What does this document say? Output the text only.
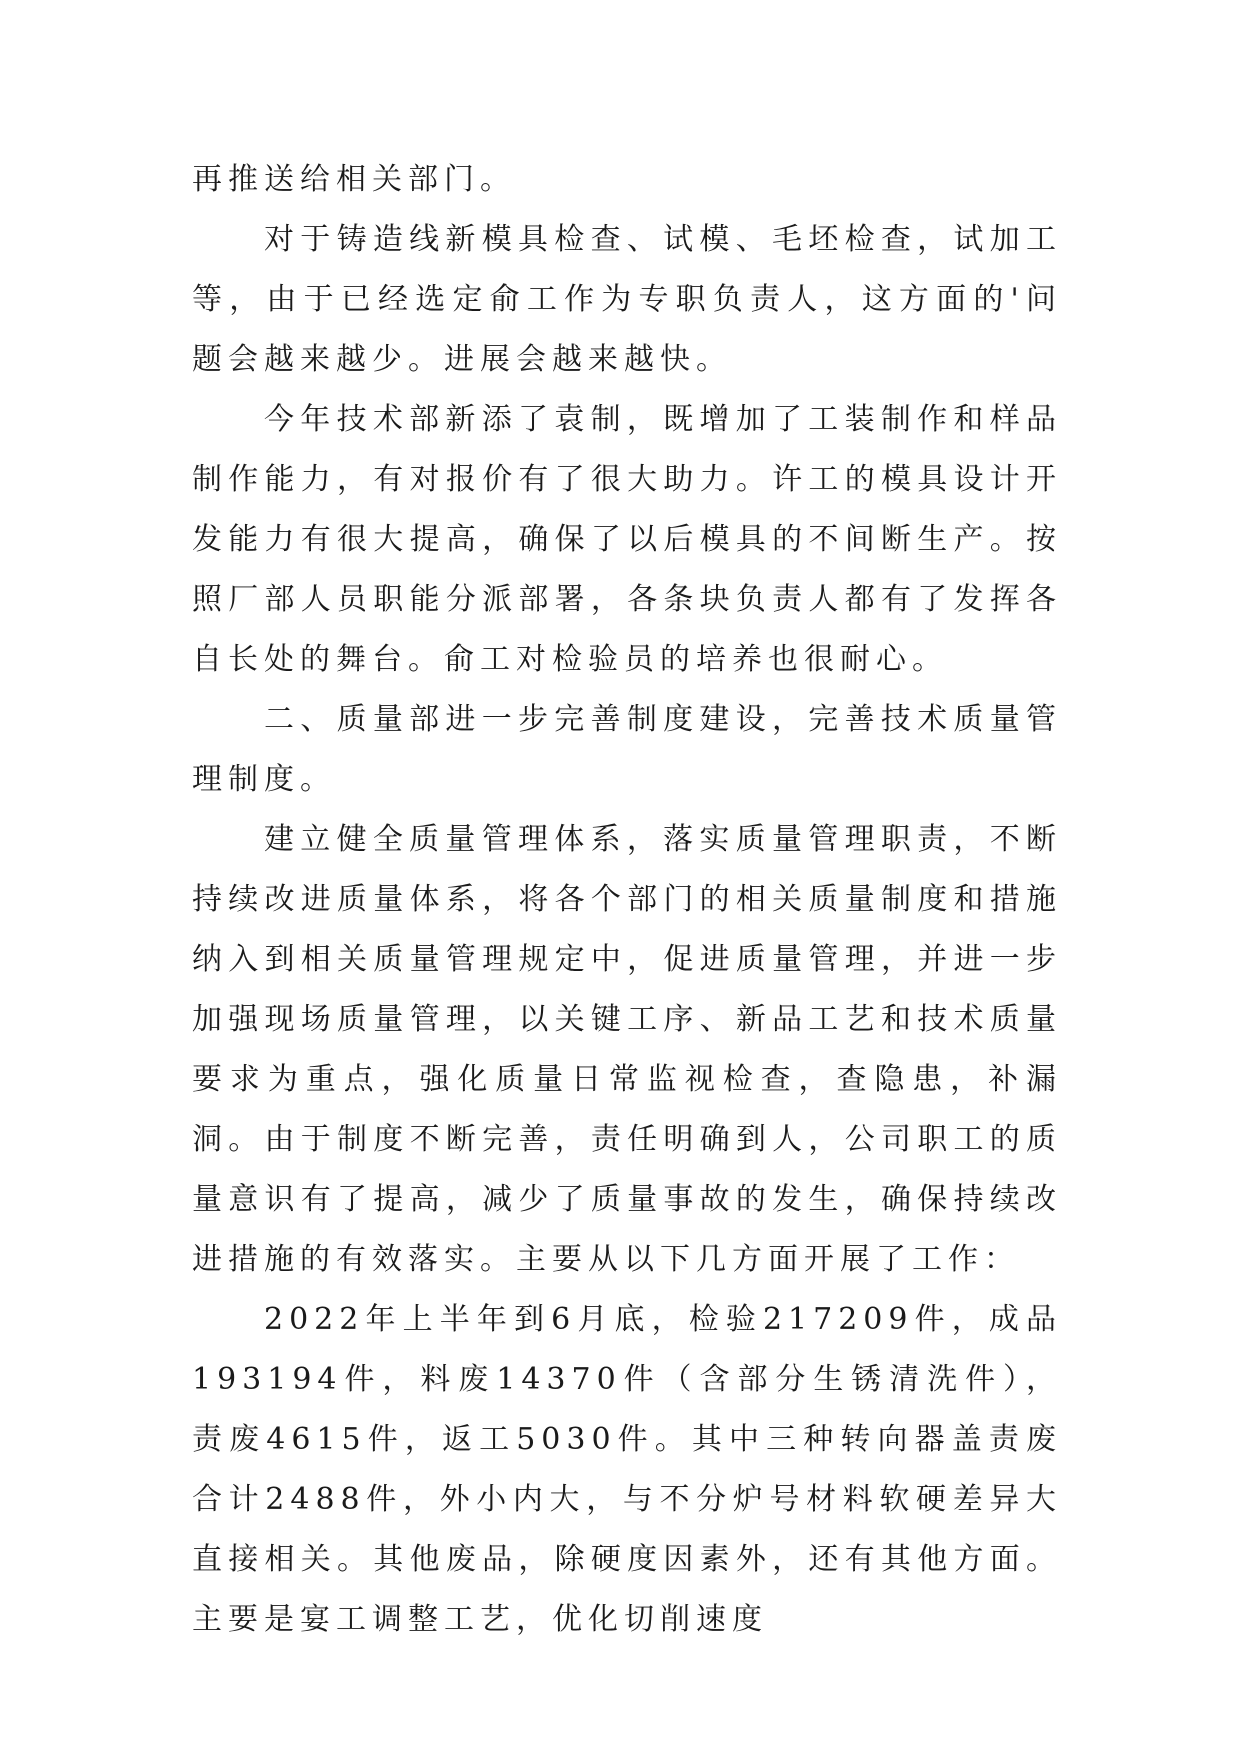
再推送给相关部门。

对于铸造线新模具检查、试模、毛坯检查，试加工等，由于已经选定俞工作为专职负责人，这方面的'问题会越来越少。进展会越来越快。

今年技术部新添了袁制，既增加了工装制作和样品制作能力，有对报价有了很大助力。许工的模具设计开发能力有很大提高，确保了以后模具的不间断生产。按照厂部人员职能分派部署，各条块负责人都有了发挥各自长处的舞台。俞工对检验员的培养也很耐心。

二、质量部进一步完善制度建设，完善技术质量管理制度。

建立健全质量管理体系，落实质量管理职责，不断持续改进质量体系，将各个部门的相关质量制度和措施纳入到相关质量管理规定中，促进质量管理，并进一步加强现场质量管理，以关键工序、新品工艺和技术质量要求为重点，强化质量日常监视检查，查隐患，补漏洞。由于制度不断完善，责任明确到人，公司职工的质量意识有了提高，减少了质量事故的发生，确保持续改进措施的有效落实。主要从以下几方面开展了工作：

2022年上半年到6月底，检验217209件，成品193194件，料废14370件（含部分生锈清洗件），责废4615件，返工5030件。其中三种转向器盖责废合计2488件，外小内大，与不分炉号材料软硬差异大直接相关。其他废品，除硬度因素外，还有其他方面。主要是宴工调整工艺，优化切削速度
